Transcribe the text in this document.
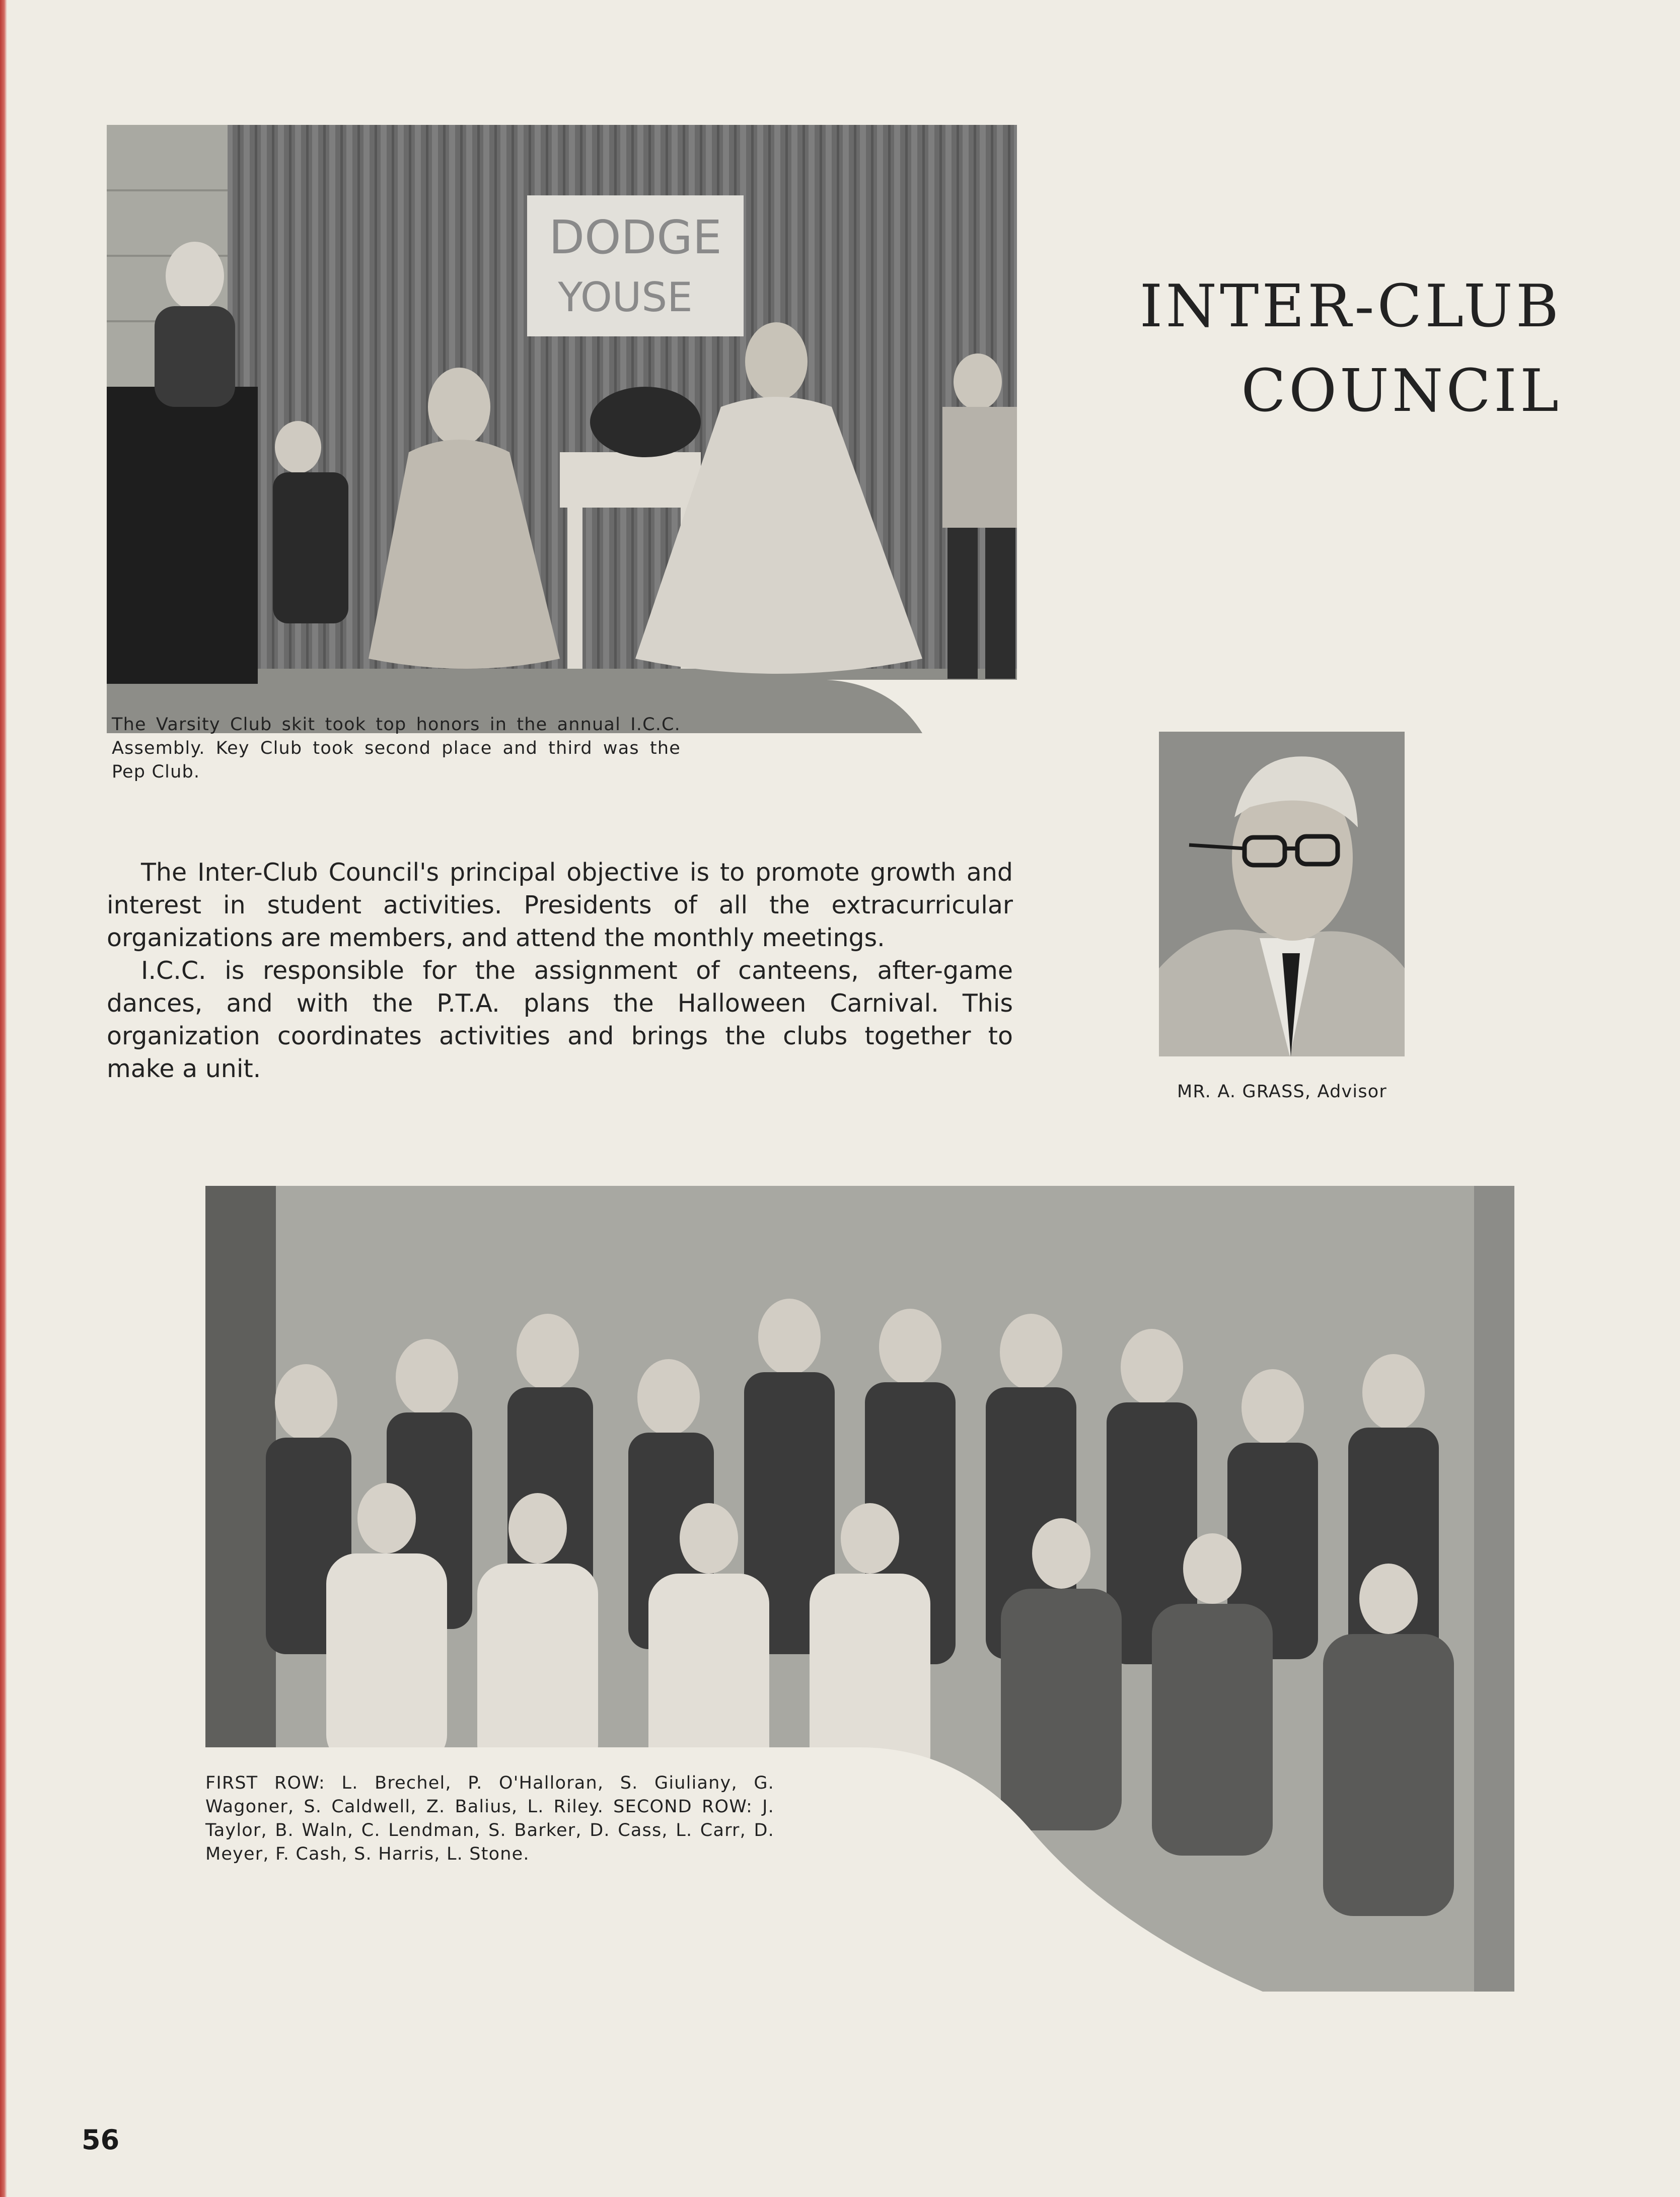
DODGE
YOUSE	INTER-CLUB
COUNCIL

The Varsity Club skit took top honors in the annual I.C.C. Assembly. Key Club took second place and third was the Pep Club.

The Inter-Club Council's principal objective is to promote growth and interest in student activities. Presidents of all the extracurricular organizations are members, and attend the monthly meetings.

I.C.C. is responsible for the assignment of canteens, after-game dances, and with the P.T.A. plans the Halloween Carnival. This organization coordinates activities and brings the clubs together to make a unit.

MR. A. GRASS, Advisor

FIRST ROW: L. Brechel, P. O'Halloran, S. Giuliany, G. Wagoner, S. Caldwell, Z. Balius, L. Riley. SECOND ROW: J. Taylor, B. Waln, C. Lendman, S. Barker, D. Cass, L. Carr, D. Meyer, F. Cash, S. Harris, L. Stone.

56
